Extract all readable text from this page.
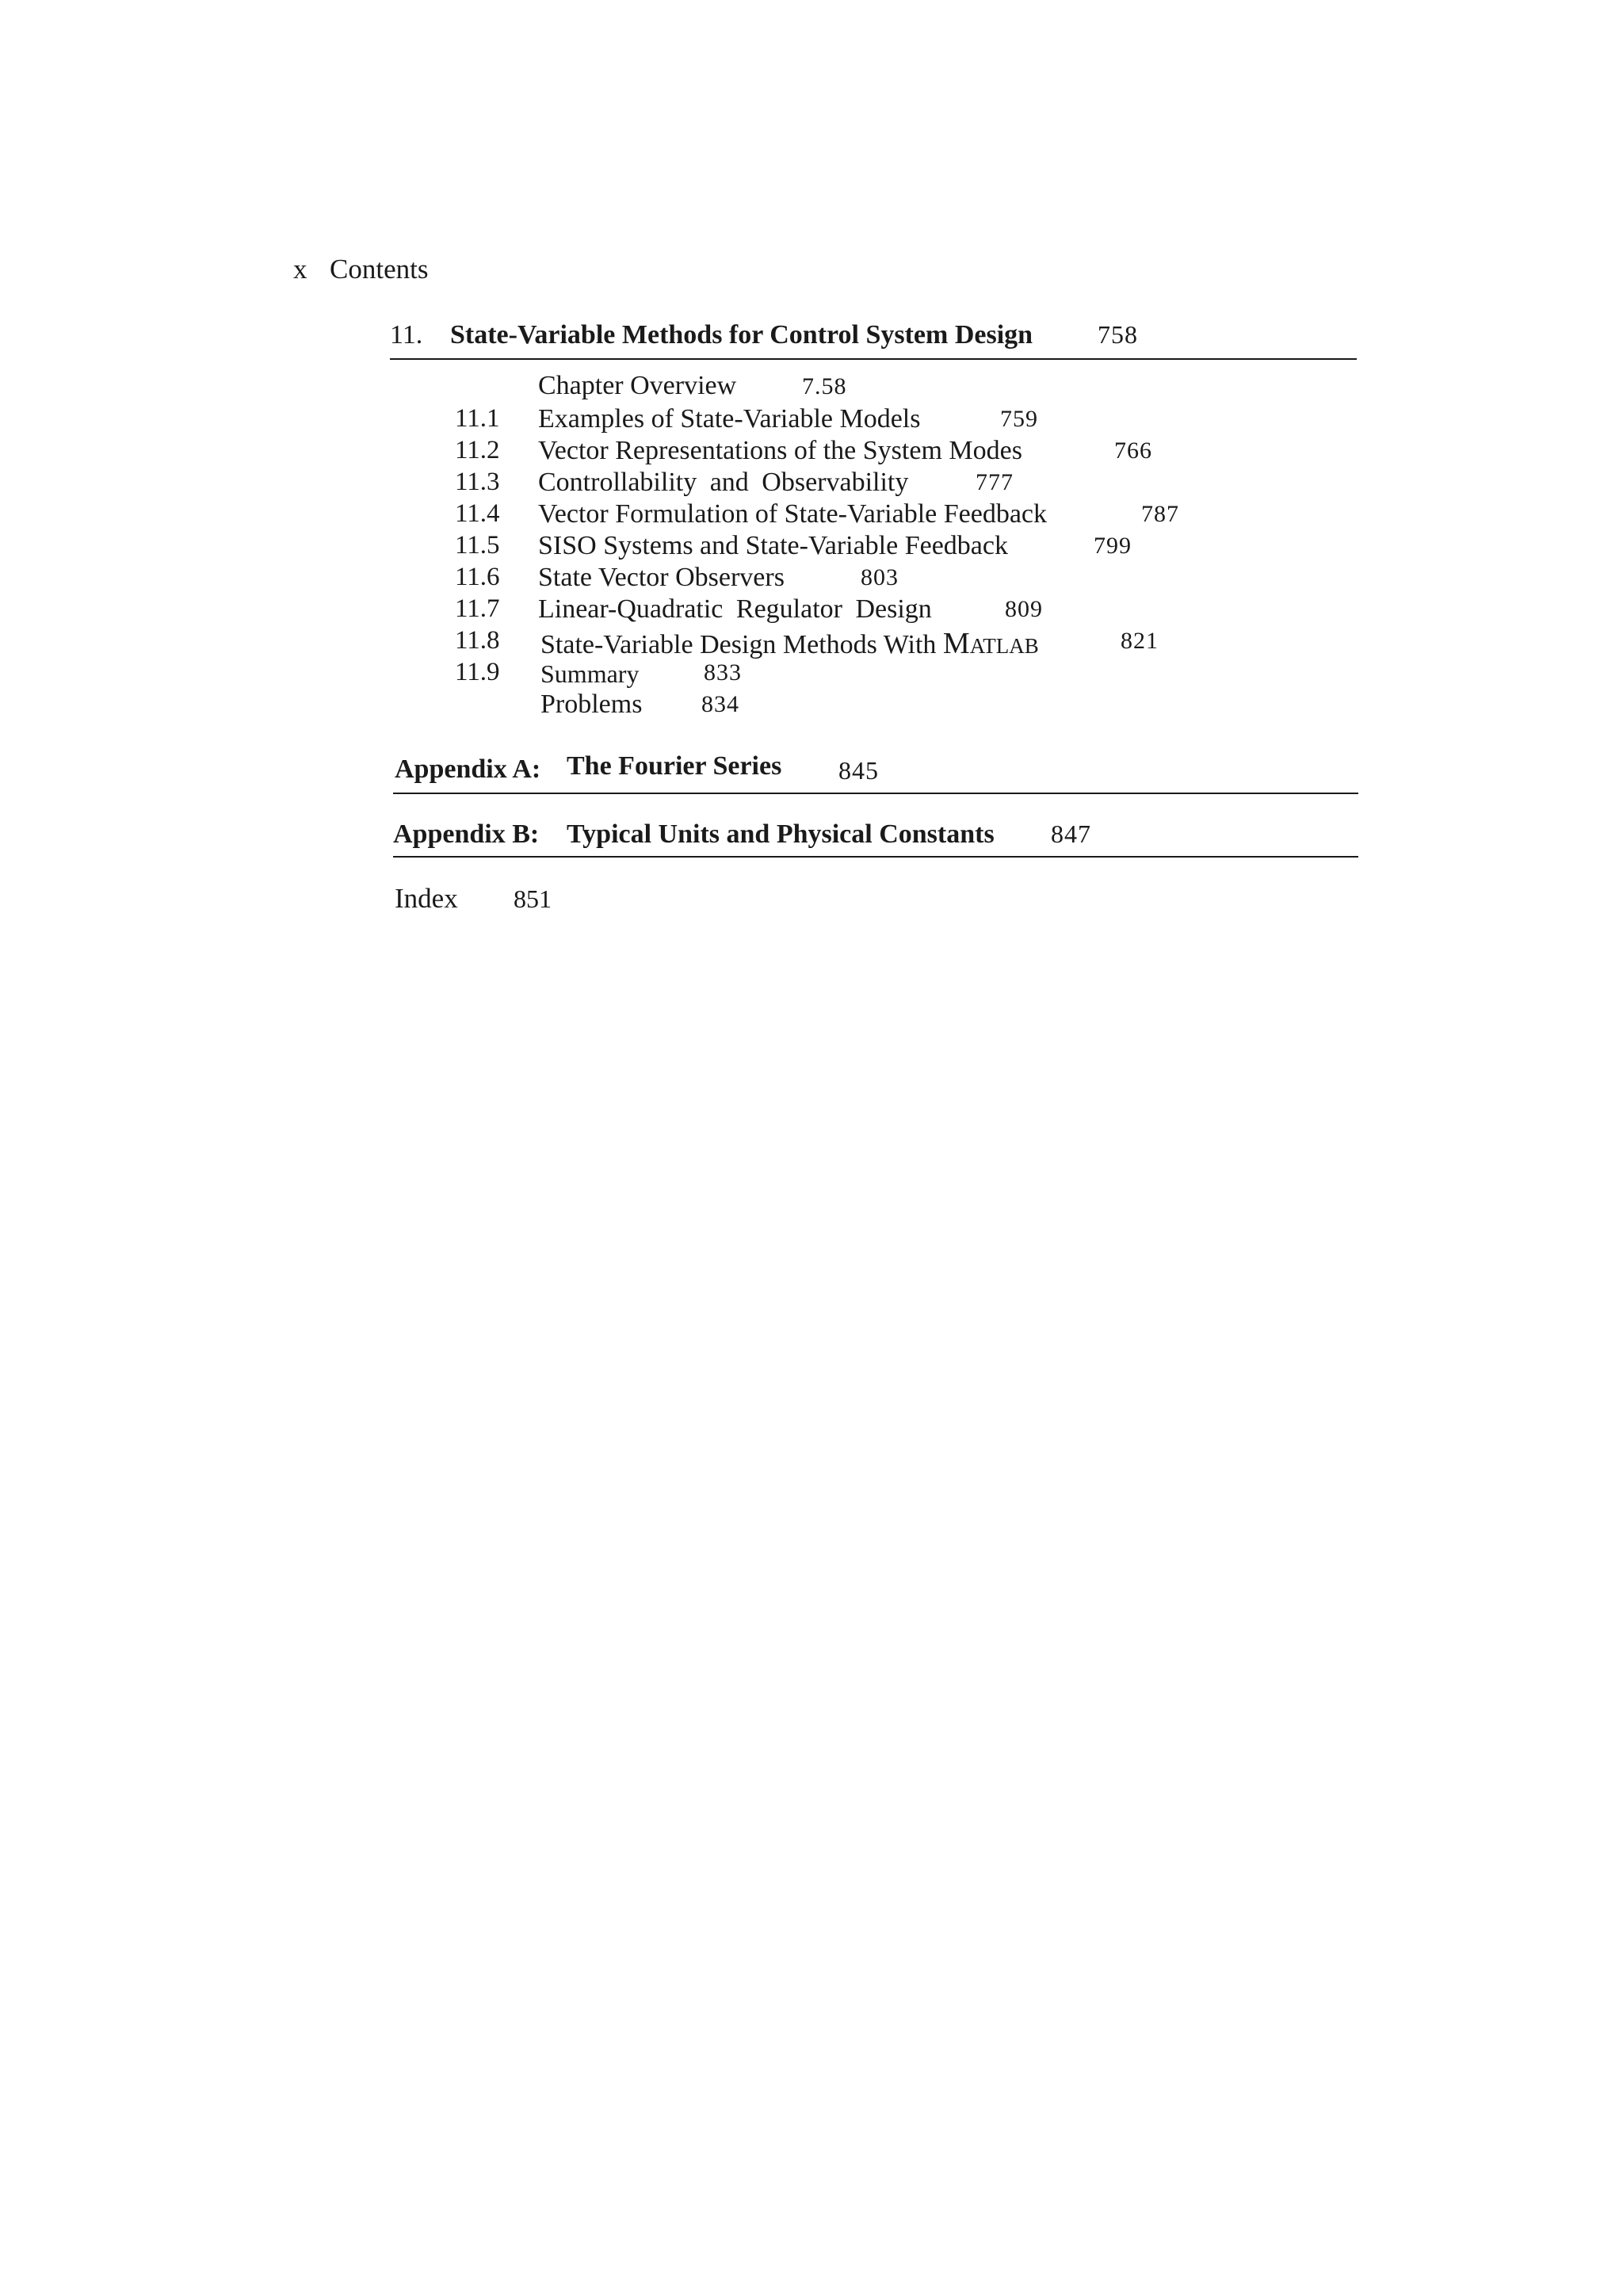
x Contents
11. State-Variable Methods for Control System Design	758
Chapter Overview	7.58
11.1 Examples of State-Variable Models	759
11.2 Vector Representations of the System Modes	766
11.3 Controllability and Observability	777
11.4 Vector Formulation of State-Variable Feedback	787
11.5 SISO Systems and State-Variable Feedback	799
11.6 State Vector Observers	803
11.7 Linear-Quadratic Regulator Design	809
11.8 State-Variable Design Methods With Matlab	821
11.9 Summary	833
Problems 834
Appendix A: The Fourier Series 845
Appendix B: Typical Units and Physical Constants 847
Index 851
